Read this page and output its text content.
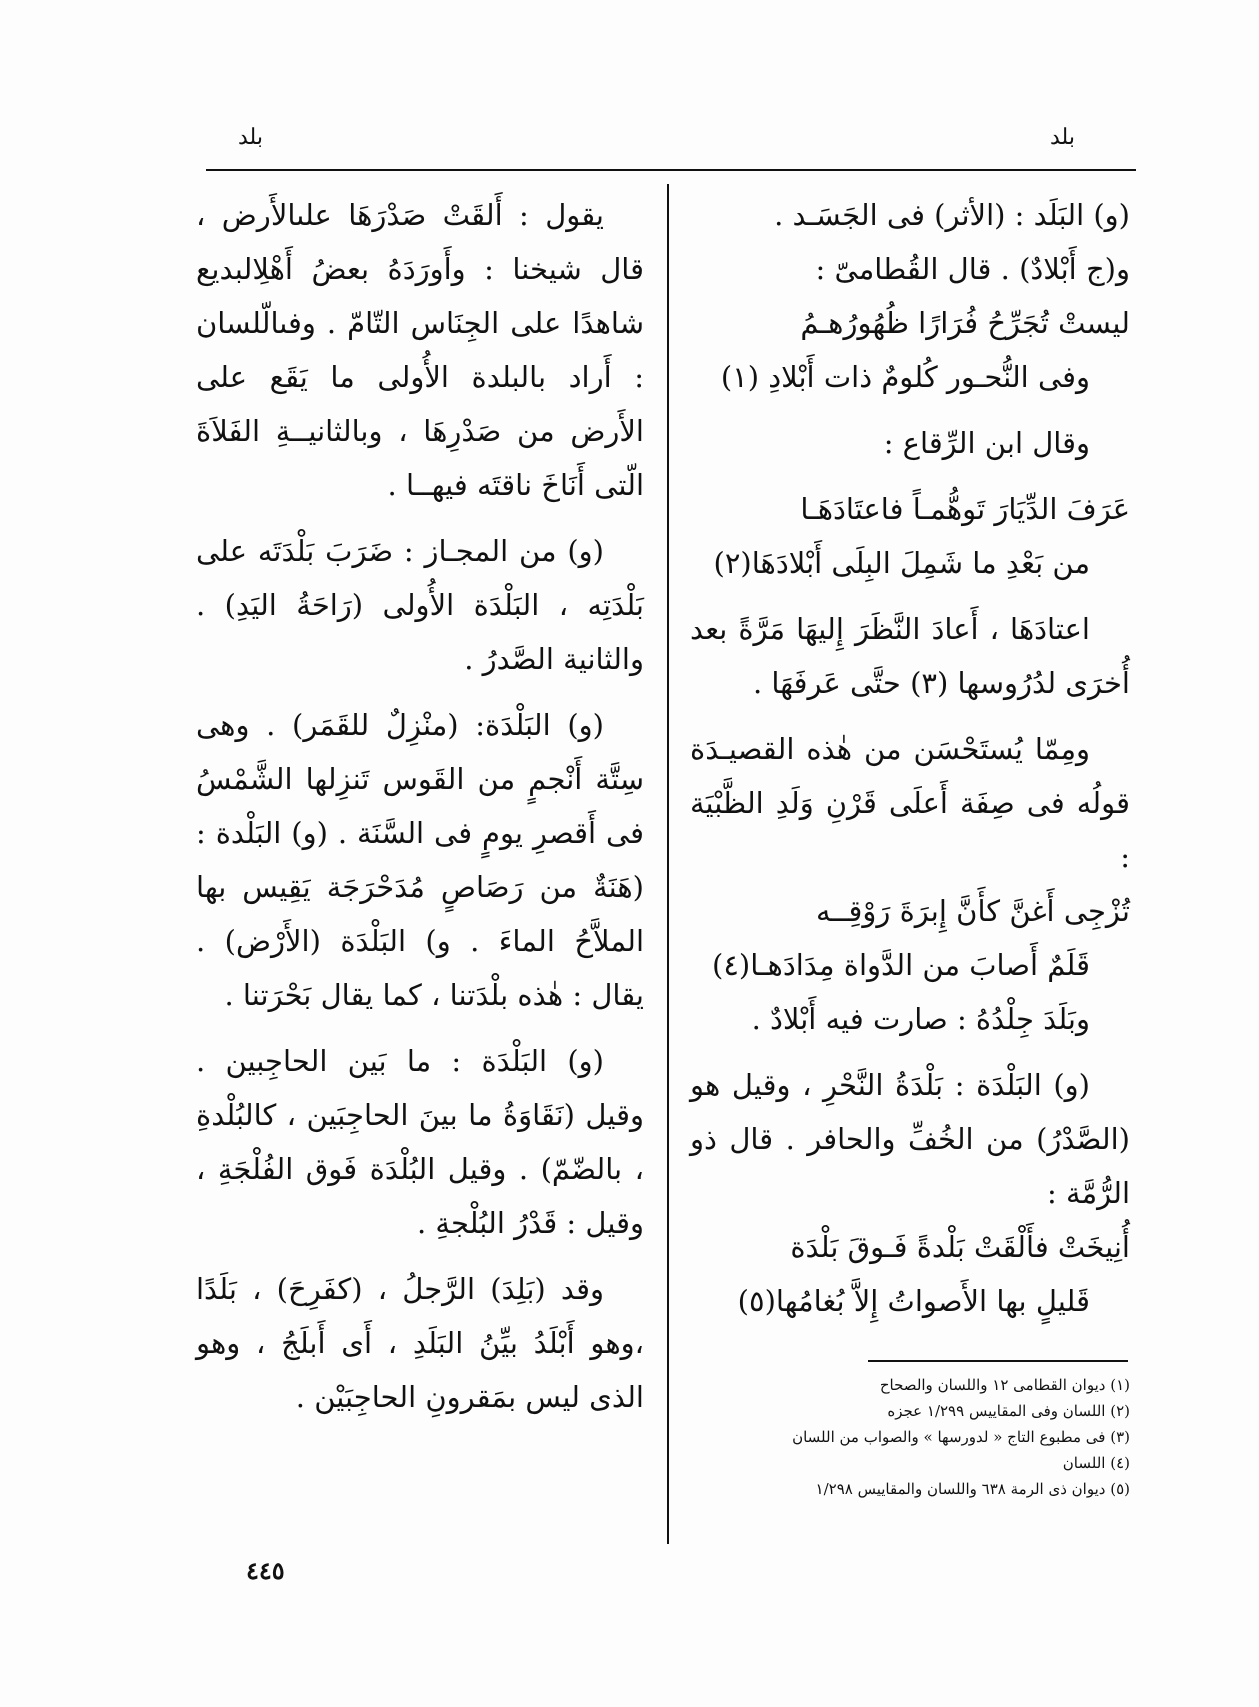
بلد
بلد

(و) البَلَد : (الأثر) فى الجَسَـد .

و(ج أَبْلادٌ) . قال القُطامىّ :

ليستْ تُجَرِّحُ فُرَارًا ظُهُورُهـمُ

وفى النُّحـور كُلومٌ ذات أَبْلادِ (١)

وقال ابن الرِّقاع :

عَرَفَ الدِّيَارَ تَوهُّمـاً فاعتَادَهَـا

من بَعْدِ ما شَمِلَ البِلَى أَبْلادَهَا(٢)

اعتادَهَا ، أَعادَ النَّظَرَ إِليهَا مَرَّةً بعد أُخرَى لدُرُوسها (٣) حتَّى عَرفَهَا .

ومِمّا يُستَحْسَن من هٰذه القصيـدَة قولُه فى صِفَة أَعلَى قَرْنِ وَلَدِ الظَّبْيَة :

تُزْجِى أَغنَّ كأَنَّ إِبرَةَ رَوْقِــه

قَلَمٌ أَصابَ من الدَّواة مِدَادَهـا(٤)

وبَلَدَ جِلْدُهُ : صارت فيه أَبْلادٌ .

(و) البَلْدَة : بَلْدَةُ النَّحْرِ ، وقيل هو (الصَّدْرُ) من الخُفِّ والحافر . قال ذو الرُّمَّة :

أُنِيخَتْ فأَلْقَتْ بَلْدةً فَـوقَ بَلْدَة

قَليلٍ بها الأَصواتُ إِلاَّ بُغامُها(٥)

(١) ديوان القطامى ١٢ واللسان والصحاح
(٢) اللسان وفى المقاييس ١/٢٩٩ عجزه
(٣) فى مطبوع التاج « لدورسها » والصواب من اللسان
(٤) اللسان
(٥) ديوان ذى الرمة ٦٣٨ واللسان والمقاييس ١/٢٩٨

يقول : أَلقَتْ صَدْرَهَا علىالأَرض ، قال شيخنا : وأَورَدَهُ بعضُ أَهْلِالبديع شاهدًا على الجِنَاس التّامّ . وفىالّلسان : أَراد بالبلدة الأُولى ما يَقَع على الأَرض من صَدْرِهَا ، وبالثانيــةِ الفَلاَةَ الّتى أَنَاخَ ناقتَه فيهــا .

(و) من المجـاز : ضَرَبَ بَلْدَتَه على بَلْدَتِه ، البَلْدَة الأُولى (رَاحَةُ اليَدِ) . والثانية الصَّدرُ .

(و) البَلْدَة: (منْزِلٌ للقَمَر) . وهى سِتَّة أَنْجمٍ من القَوس تَنزِلها الشَّمْسُ فى أَقصرِ يومٍ فى السَّنَة . (و) البَلْدة : (هَنَةٌ من رَصَاصٍ مُدَحْرَجَة يَقِيس بها الملاَّحُ الماءَ . و) البَلْدَة (الأَرْض) . يقال : هٰذه بلْدَتنا ، كما يقال بَحْرَتنا .

(و) البَلْدَة : ما بَين الحاجِبين . وقيل (نَقَاوَةُ ما بينَ الحاجِبَين ، كالبُلْدةِ ، بالضّمّ) . وقيل البُلْدَة فَوق الفُلْجَةِ ، وقيل : قَدْرُ البُلْجةِ .

وقد (بَلِدَ) الرَّجلُ ، (كفَرِحَ) ، بَلَدًا ،وهو أَبْلَدُ بيِّنُ البَلَدِ ، أَى أَبلَجُ ، وهو الذى ليس بمَقرونِ الحاجِبَيْن .

٤٤٥
